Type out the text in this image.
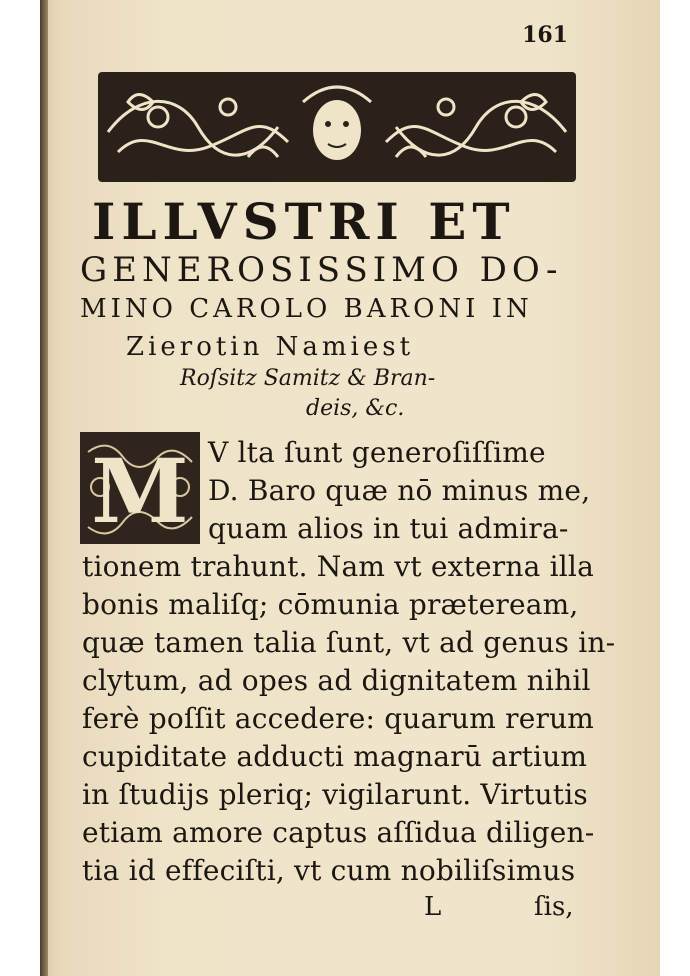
161
ILLVSTRI ET
GENEROSISSIMO DO-
MINO CAROLO BARONI IN
Zierotin Namiest
Roſsitz Samitz & Bran-
deis, &c.
M V lta ſunt generoſiſſime
D. Baro quæ nō minus me,
quam alios in tui admira-
tionem trahunt. Nam vt externa illa
bonis maliſq; cōmunia præteream,
quæ tamen talia ſunt, vt ad genus in-
clytum, ad opes ad dignitatem nihil
ferè poſſit accedere: quarum rerum
cupiditate adducti magnarū artium
in ſtudijs pleriq; vigilarunt. Virtutis
etiam amore captus aſſidua diligen-
tia id effeciſti, vt cum nobiliſsimus
L	ſis,
